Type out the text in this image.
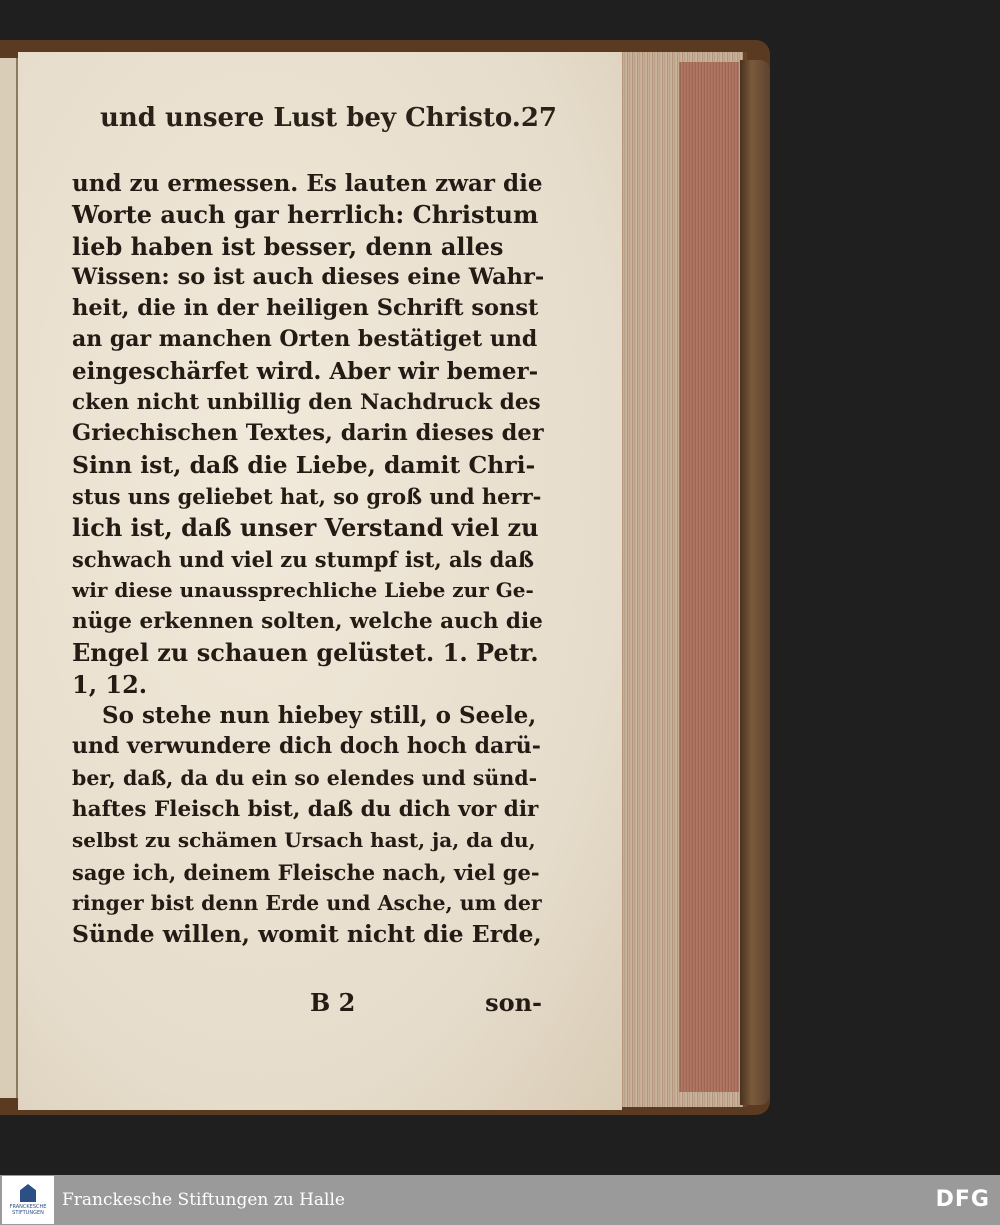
und unsere Lust bey Christo. 27
und zu ermessen. Es lauten zwar die
Worte auch gar herrlich: Christum
lieb haben ist besser, denn alles
Wissen: so ist auch dieses eine Wahr-
heit, die in der heiligen Schrift sonst
an gar manchen Orten bestätiget und
eingeschärfet wird. Aber wir bemer-
cken nicht unbillig den Nachdruck des
Griechischen Textes, darin dieses der
Sinn ist, daß die Liebe, damit Chri-
stus uns geliebet hat, so groß und herr-
lich ist, daß unser Verstand viel zu
schwach und viel zu stumpf ist, als daß
wir diese unaussprechliche Liebe zur Ge-
nüge erkennen solten, welche auch die
Engel zu schauen gelüstet. 1. Petr.
1, 12.
So stehe nun hiebey still, o Seele,
und verwundere dich doch hoch darü-
ber, daß, da du ein so elendes und sünd-
haftes Fleisch bist, daß du dich vor dir
selbst zu schämen Ursach hast, ja, da du,
sage ich, deinem Fleische nach, viel ge-
ringer bist denn Erde und Asche, um der
Sünde willen, womit nicht die Erde,
B 2	son-
FRANCKESCHE STIFTUNGEN
Franckesche Stiftungen zu Halle	DFG
